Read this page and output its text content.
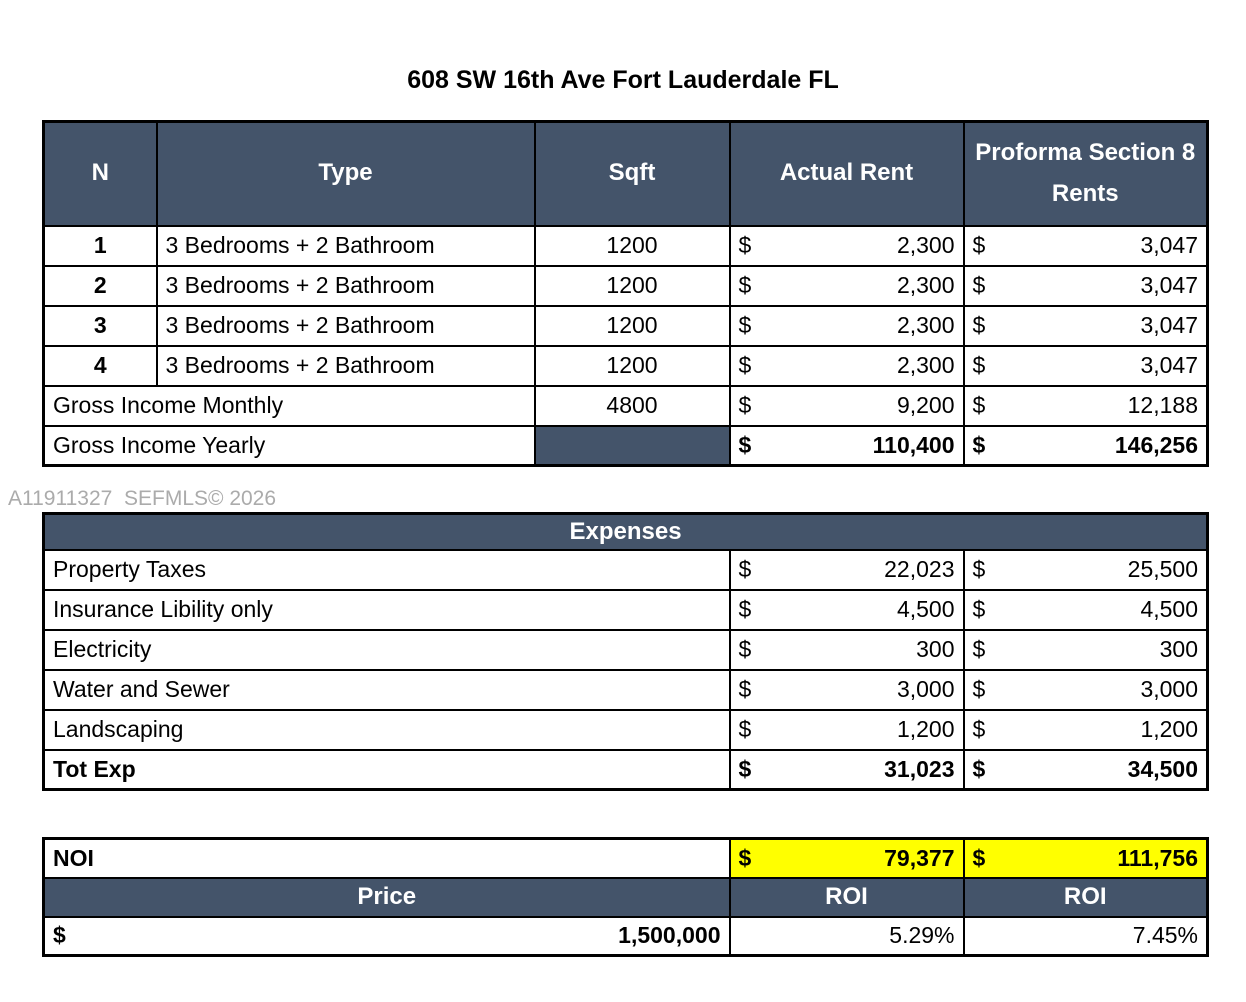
608 SW 16th Ave Fort Lauderdale FL
N	Type	Sqft	Actual Rent	Proforma Section 8 Rents
1	3 Bedrooms + 2 Bathroom	1200	$ 2,300	$ 3,047

2	3 Bedrooms + 2 Bathroom	1200	$ 2,300	$ 3,047

3	3 Bedrooms + 2 Bathroom	1200	$ 2,300	$ 3,047

4	3 Bedrooms + 2 Bathroom	1200	$ 2,300	$ 3,047

Gross Income Monthly		4800	$ 9,200	$ 12,188

Gross Income Yearly			$ 110,400	$ 146,256
A11911327  SEFMLS© 2026
Expenses		
Property Taxes	$ 22,023	$ 25,500

Insurance Libility only	$ 4,500	$ 4,500

Electricity	$ 300	$ 300

Water and Sewer	$ 3,000	$ 3,000

Landscaping	$ 1,200	$ 1,200

Tot Exp	$ 31,023	$ 34,500
NOI	$ 79,377	$ 111,756

Price	ROI	ROI

$ 1,500,000	5.29%	7.45%
